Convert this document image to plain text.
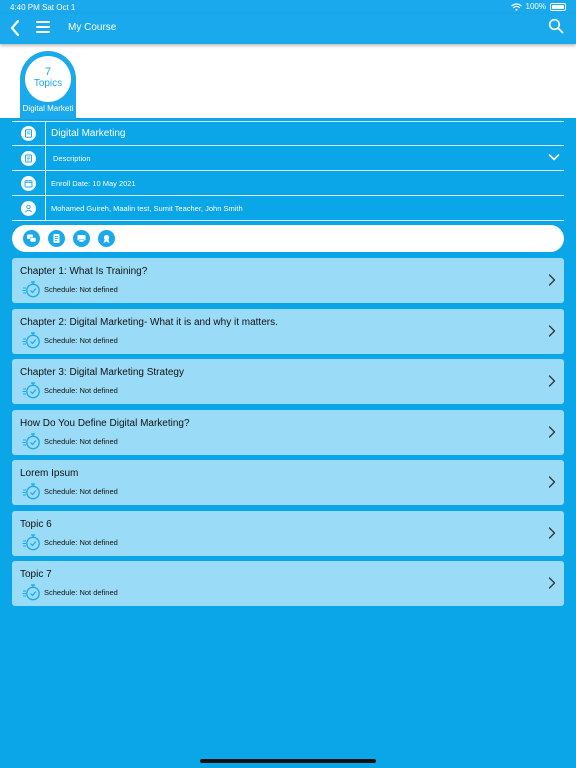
4:40 PM Sat Oct 1	100%
My Course
7
Topics
Digital Marketi
Digital Marketing
Description
Enroll Date: 10 May 2021
Mohamed Guireh, Maalin test, Sumit Teacher, John Smith
Chapter 1: What Is Training?
Schedule: Not defined
Chapter 2: Digital Marketing- What it is and why it matters.
Schedule: Not defined
Chapter 3: Digital Marketing Strategy
Schedule: Not defined
How Do You Define Digital Marketing?
Schedule: Not defined
Lorem Ipsum
Schedule: Not defined
Topic 6
Schedule: Not defined
Topic 7
Schedule: Not defined
